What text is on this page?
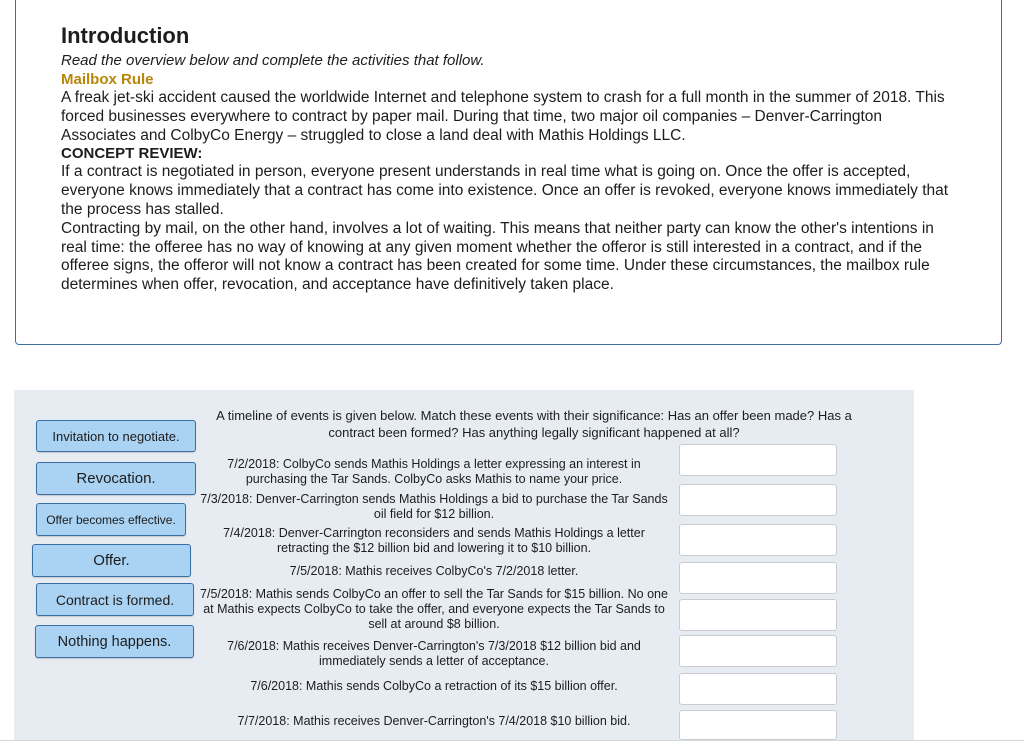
Introduction
Read the overview below and complete the activities that follow.
Mailbox Rule

A freak jet-ski accident caused the worldwide Internet and telephone system to crash for a full month in the summer of 2018. This forced businesses everywhere to contract by paper mail. During that time, two major oil companies – Denver-Carrington Associates and ColbyCo Energy – struggled to close a land deal with Mathis Holdings LLC.

CONCEPT REVIEW:

If a contract is negotiated in person, everyone present understands in real time what is going on. Once the offer is accepted, everyone knows immediately that a contract has come into existence. Once an offer is revoked, everyone knows immediately that the process has stalled.

Contracting by mail, on the other hand, involves a lot of waiting. This means that neither party can know the other's intentions in real time: the offeree has no way of knowing at any given moment whether the offeror is still interested in a contract, and if the offeree signs, the offeror will not know a contract has been created for some time. Under these circumstances, the mailbox rule determines when offer, revocation, and acceptance have definitively taken place.

A timeline of events is given below. Match these events with their significance: Has an offer been made? Has a contract been formed? Has anything legally significant happened at all?
Invitation to negotiate.
Revocation.
Offer becomes effective.
Offer.
Contract is formed.
Nothing happens.
7/2/2018: ColbyCo sends Mathis Holdings a letter expressing an interest in purchasing the Tar Sands. ColbyCo asks Mathis to name your price.
7/3/2018: Denver-Carrington sends Mathis Holdings a bid to purchase the Tar Sands oil field for $12 billion.
7/4/2018: Denver-Carrington reconsiders and sends Mathis Holdings a letter retracting the $12 billion bid and lowering it to $10 billion.
7/5/2018: Mathis receives ColbyCo's 7/2/2018 letter.
7/5/2018: Mathis sends ColbyCo an offer to sell the Tar Sands for $15 billion. No one at Mathis expects ColbyCo to take the offer, and everyone expects the Tar Sands to sell at around $8 billion.
7/6/2018: Mathis receives Denver-Carrington's 7/3/2018 $12 billion bid and immediately sends a letter of acceptance.
7/6/2018: Mathis sends ColbyCo a retraction of its $15 billion offer.
7/7/2018: Mathis receives Denver-Carrington's 7/4/2018 $10 billion bid.
